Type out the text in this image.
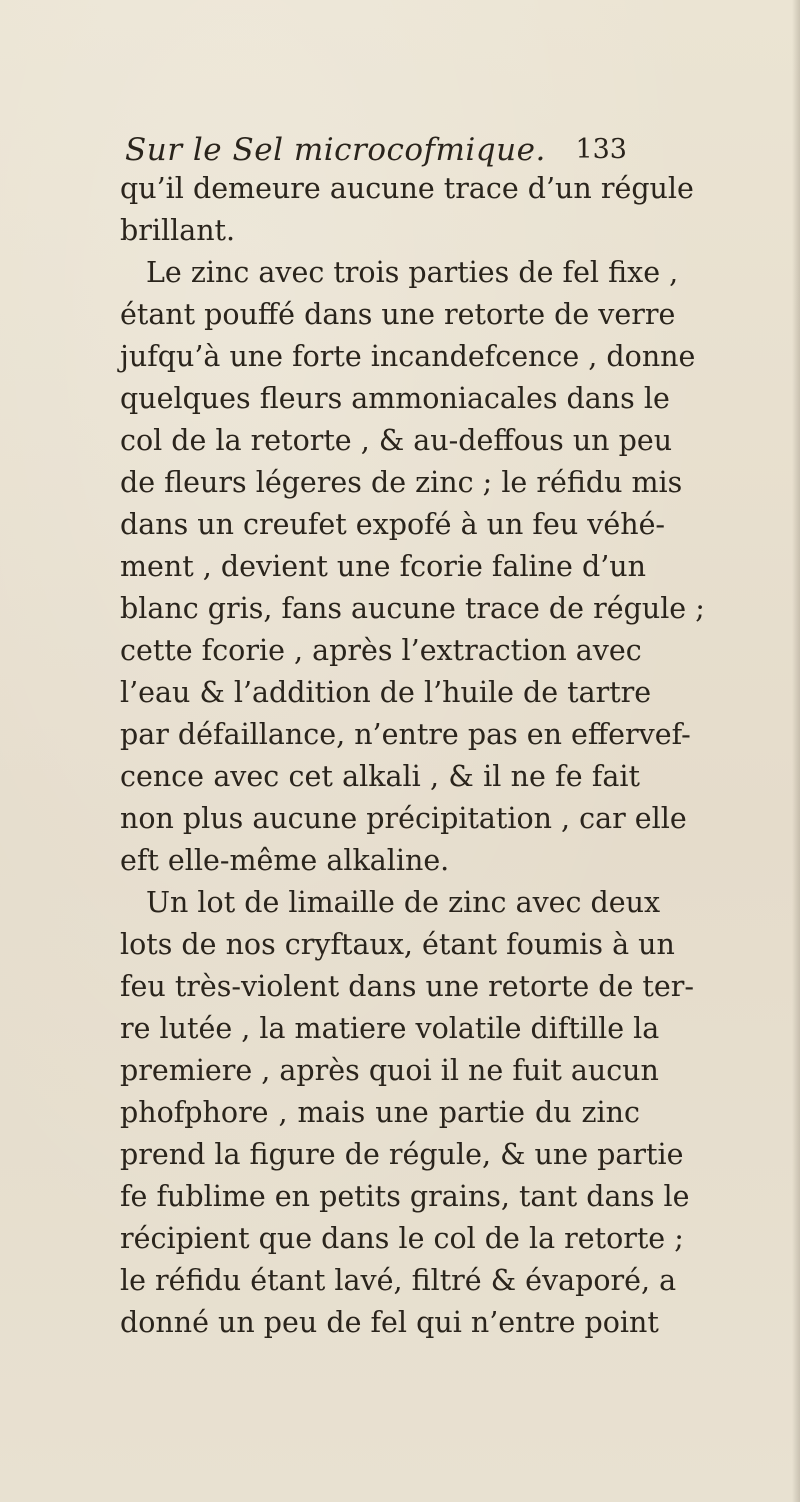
Sur le Sel microcofmique. 133
qu’il demeure aucune trace d’un régule
brillant.
Le zinc avec trois parties de fel fixe ,
étant pouffé dans une retorte de verre
jufqu’à une forte incandefcence , donne
quelques fleurs ammoniacales dans le
col de la retorte , & au-deffous un peu
de fleurs légeres de zinc ; le réfidu mis
dans un creufet expofé à un feu véhé-
ment , devient une fcorie faline d’un
blanc gris, fans aucune trace de régule ;
cette fcorie , après l’extraction avec
l’eau & l’addition de l’huile de tartre
par défaillance, n’entre pas en effervef-
cence avec cet alkali , & il ne fe fait
non plus aucune précipitation , car elle
eft elle-même alkaline.
Un lot de limaille de zinc avec deux
lots de nos cryftaux, étant foumis à un
feu très-violent dans une retorte de ter-
re lutée , la matiere volatile diftille la
premiere , après quoi il ne fuit aucun
phofphore , mais une partie du zinc
prend la figure de régule, & une partie
fe fublime en petits grains, tant dans le
récipient que dans le col de la retorte ;
le réfidu étant lavé, filtré & évaporé, a
donné un peu de fel qui n’entre point
